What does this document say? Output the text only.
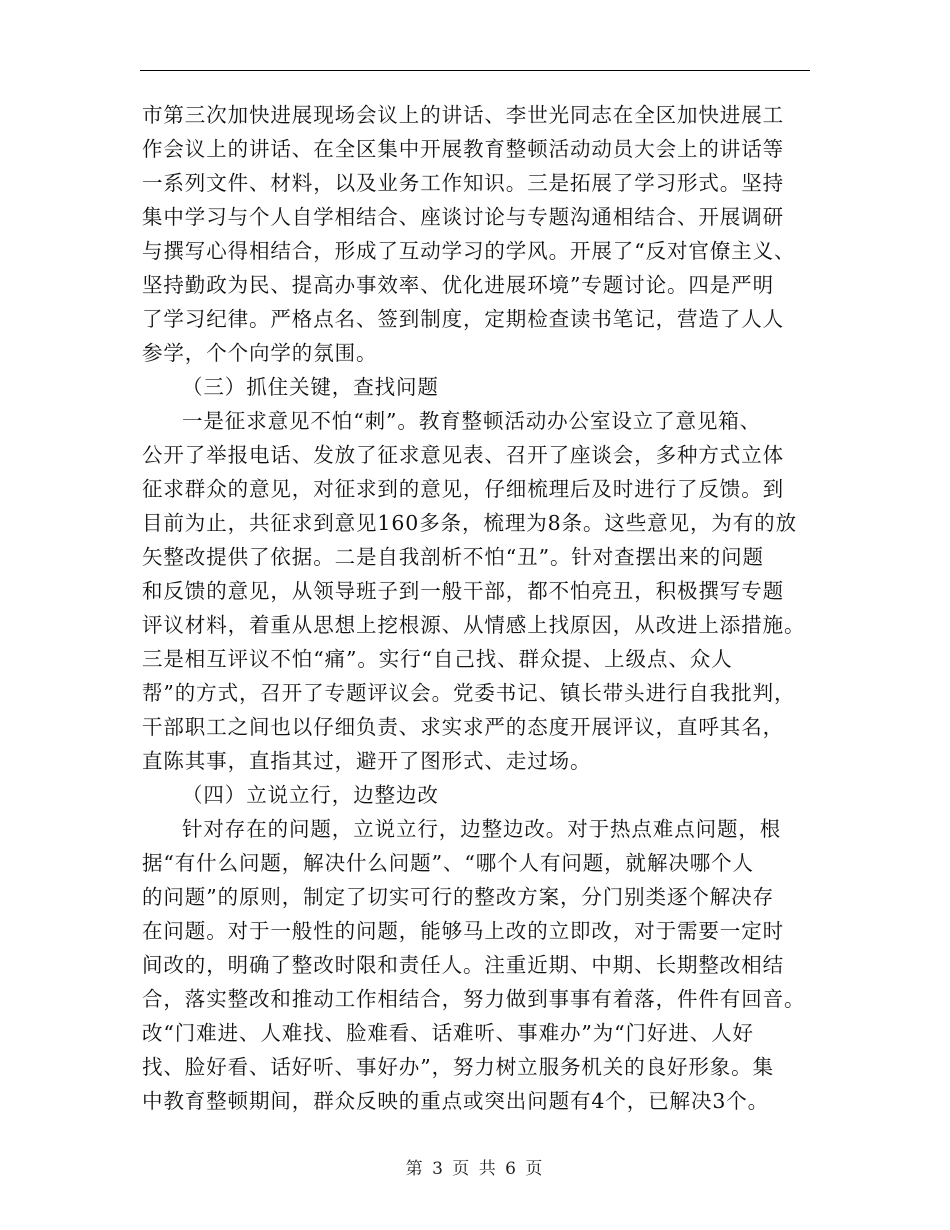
市第三次加快进展现场会议上的讲话、李世光同志在全区加快进展工
作会议上的讲话、在全区集中开展教育整顿活动动员大会上的讲话等
一系列文件、材料，以及业务工作知识。三是拓展了学习形式。坚持
集中学习与个人自学相结合、座谈讨论与专题沟通相结合、开展调研
与撰写心得相结合，形成了互动学习的学风。开展了“反对官僚主义、
坚持勤政为民、提高办事效率、优化进展环境”专题讨论。四是严明
了学习纪律。严格点名、签到制度，定期检查读书笔记，营造了人人
参学，个个向学的氛围。
（三）抓住关键，查找问题
一是征求意见不怕“刺”。教育整顿活动办公室设立了意见箱、
公开了举报电话、发放了征求意见表、召开了座谈会，多种方式立体
征求群众的意见，对征求到的意见，仔细梳理后及时进行了反馈。到
目前为止，共征求到意见160多条，梳理为8条。这些意见，为有的放
矢整改提供了依据。二是自我剖析不怕“丑”。针对查摆出来的问题
和反馈的意见，从领导班子到一般干部，都不怕亮丑，积极撰写专题
评议材料，着重从思想上挖根源、从情感上找原因，从改进上添措施。
三是相互评议不怕“痛”。实行“自己找、群众提、上级点、众人
帮”的方式，召开了专题评议会。党委书记、镇长带头进行自我批判，
干部职工之间也以仔细负责、求实求严的态度开展评议，直呼其名，
直陈其事，直指其过，避开了图形式、走过场。
（四）立说立行，边整边改
针对存在的问题，立说立行，边整边改。对于热点难点问题，根
据“有什么问题，解决什么问题”、“哪个人有问题，就解决哪个人
的问题”的原则，制定了切实可行的整改方案，分门别类逐个解决存
在问题。对于一般性的问题，能够马上改的立即改，对于需要一定时
间改的，明确了整改时限和责任人。注重近期、中期、长期整改相结
合，落实整改和推动工作相结合，努力做到事事有着落，件件有回音。
改“门难进、人难找、脸难看、话难听、事难办”为“门好进、人好
找、脸好看、话好听、事好办”，努力树立服务机关的良好形象。集
中教育整顿期间，群众反映的重点或突出问题有4个，已解决3个。
第 3 页 共 6 页
